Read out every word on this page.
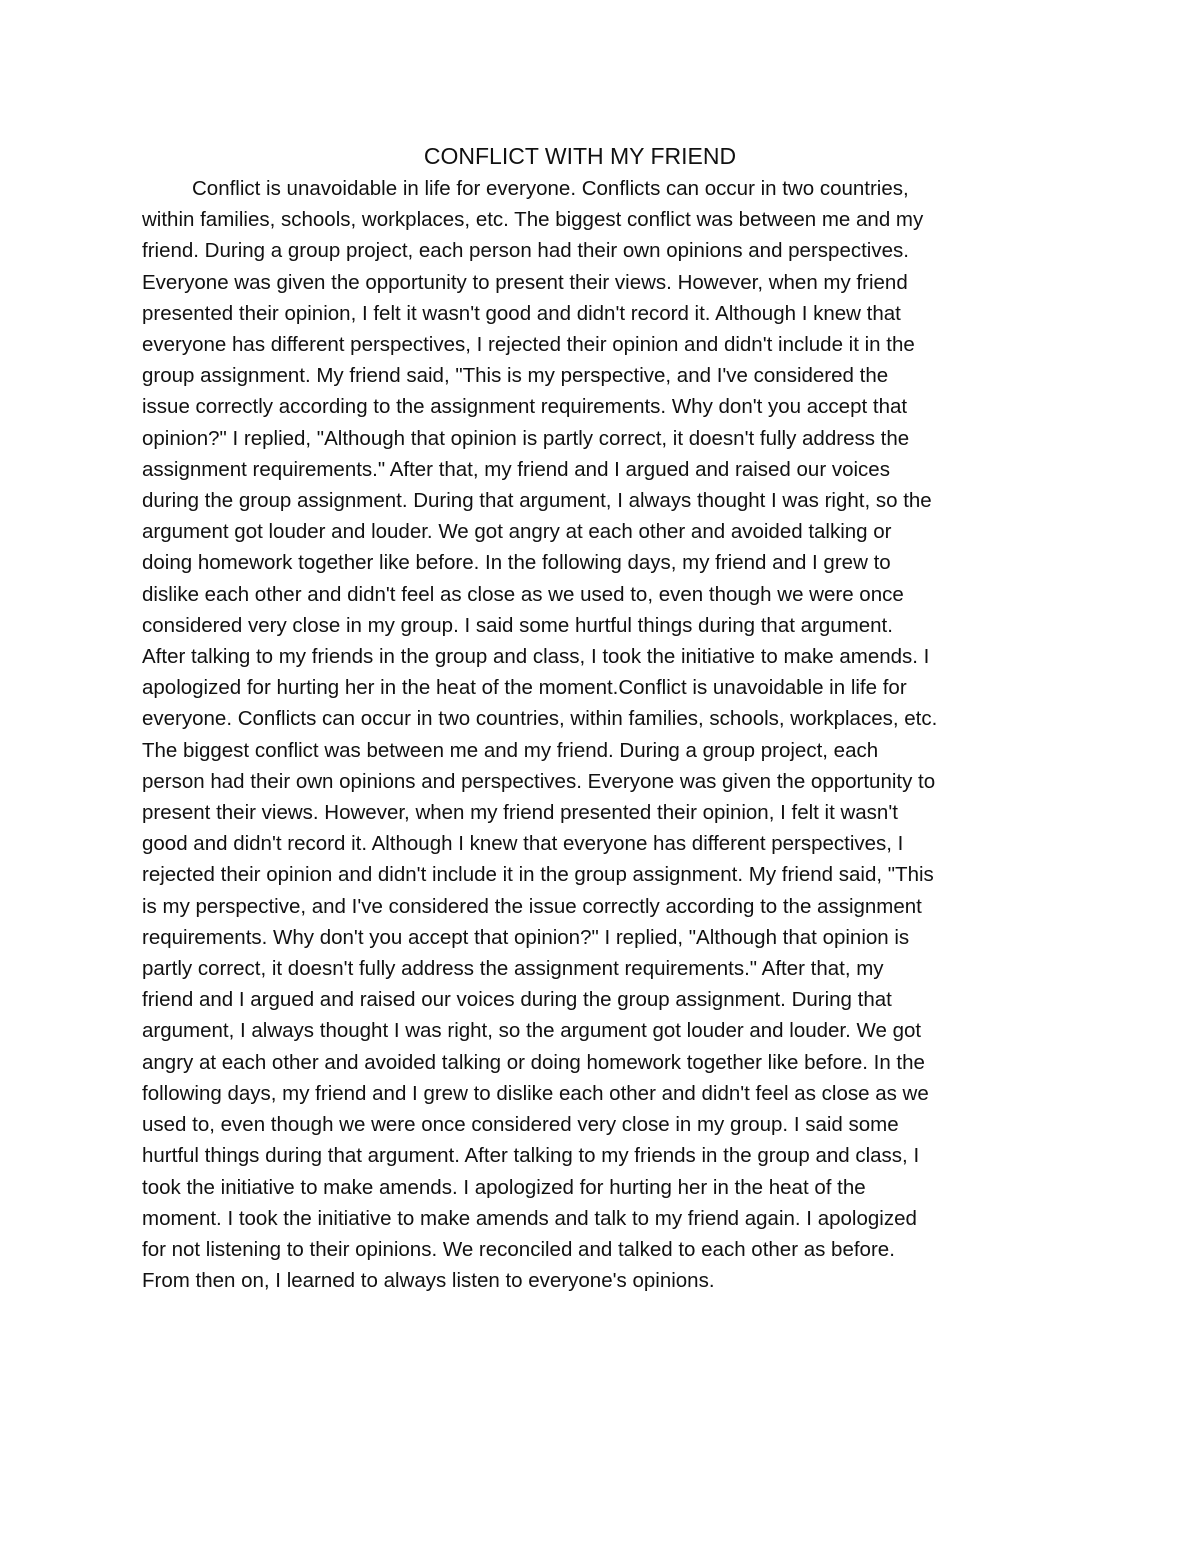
CONFLICT WITH MY FRIEND
Conflict is unavoidable in life for everyone. Conflicts can occur in two countries,
within families, schools, workplaces, etc. The biggest conflict was between me and my
friend. During a group project, each person had their own opinions and perspectives.
Everyone was given the opportunity to present their views. However, when my friend
presented their opinion, I felt it wasn't good and didn't record it. Although I knew that
everyone has different perspectives, I rejected their opinion and didn't include it in the
group assignment. My friend said, "This is my perspective, and I've considered the
issue correctly according to the assignment requirements. Why don't you accept that
opinion?" I replied, "Although that opinion is partly correct, it doesn't fully address the
assignment requirements." After that, my friend and I argued and raised our voices
during the group assignment. During that argument, I always thought I was right, so the
argument got louder and louder. We got angry at each other and avoided talking or
doing homework together like before. In the following days, my friend and I grew to
dislike each other and didn't feel as close as we used to, even though we were once
considered very close in my group. I said some hurtful things during that argument.
After talking to my friends in the group and class, I took the initiative to make amends. I
apologized for hurting her in the heat of the moment.Conflict is unavoidable in life for
everyone. Conflicts can occur in two countries, within families, schools, workplaces, etc.
The biggest conflict was between me and my friend. During a group project, each
person had their own opinions and perspectives. Everyone was given the opportunity to
present their views. However, when my friend presented their opinion, I felt it wasn't
good and didn't record it. Although I knew that everyone has different perspectives, I
rejected their opinion and didn't include it in the group assignment. My friend said, "This
is my perspective, and I've considered the issue correctly according to the assignment
requirements. Why don't you accept that opinion?" I replied, "Although that opinion is
partly correct, it doesn't fully address the assignment requirements." After that, my
friend and I argued and raised our voices during the group assignment. During that
argument, I always thought I was right, so the argument got louder and louder. We got
angry at each other and avoided talking or doing homework together like before. In the
following days, my friend and I grew to dislike each other and didn't feel as close as we
used to, even though we were once considered very close in my group. I said some
hurtful things during that argument. After talking to my friends in the group and class, I
took the initiative to make amends. I apologized for hurting her in the heat of the
moment. I took the initiative to make amends and talk to my friend again. I apologized
for not listening to their opinions. We reconciled and talked to each other as before.
From then on, I learned to always listen to everyone's opinions.
